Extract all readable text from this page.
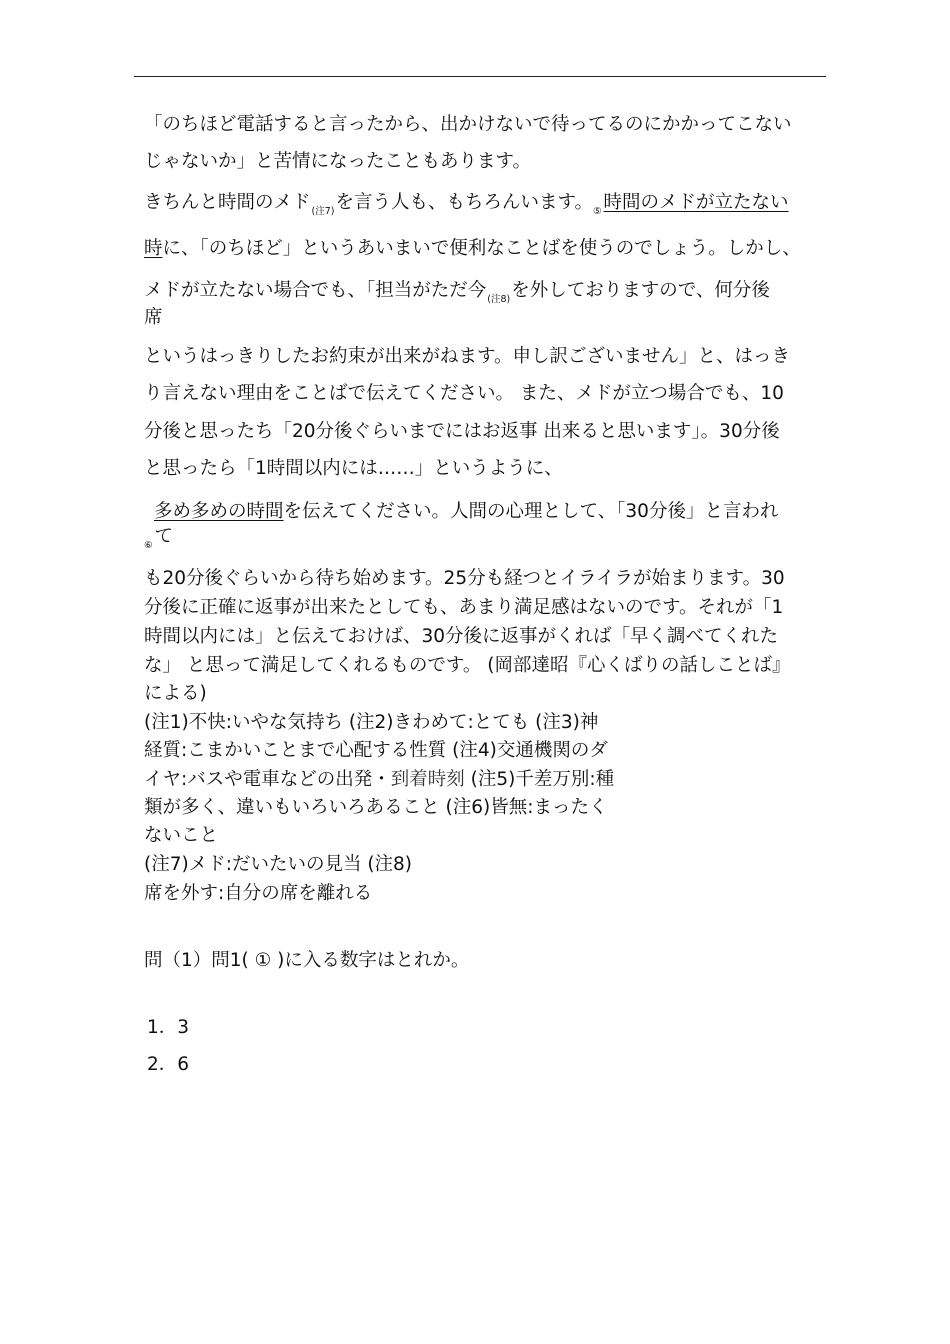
「のちほど電話すると言ったから、出かけないで待ってるのにかかってこない
じゃないか」と苦情になったこともあります。
きちんと時間のメド$_{(注7)}$を言う人も、もちろんいます。$_⑤$ 時間のメドが立たない
時に、「のちほど」というあいまいで便利なことばを使うのでしょう。しかし、
メドが立たない場合でも、「担当がただ今$_{(注8)}$を外しておりますので、何分後
席
というはっきりしたお約束が出来がねます。申し訳ございません」と、はっき
り言えない理由をことばで伝えてください。 また、メドが立つ場合でも、10
分後と思ったち「20分後ぐらいまでにはお返事 出来ると思います」。30分後
と思ったら「1時間以内には……」というように、
多め多めの時間を伝えてください。人間の心理として、「30分後」と言われ
$_⑥$ て
も20分後ぐらいから待ち始めます。25分も経つとイライラが始まります。30
分後に正確に返事が出来たとしても、あまり満足感はないのです。それが「1
時間以内には」と伝えておけば、30分後に返事がくれば「早く調べてくれた
な」 と思って満足してくれるものです。 (岡部達昭『心くばりの話しことば』
による)
(注1)不快:いやな気持ち (注2)きわめて:とても (注3)神
経質:こまかいことまで心配する性質 (注4)交通機関のダ
イヤ:バスや電車などの出発・到着時刻 (注5)千差万別:種
類が多く、違いもいろいろあること (注6)皆無:まったく
ないこと
(注7)メド:だいたいの見当 (注8)
席を外す:自分の席を離れる
問（1）問1( ① )に入る数字はとれか。
1．3
2．6
